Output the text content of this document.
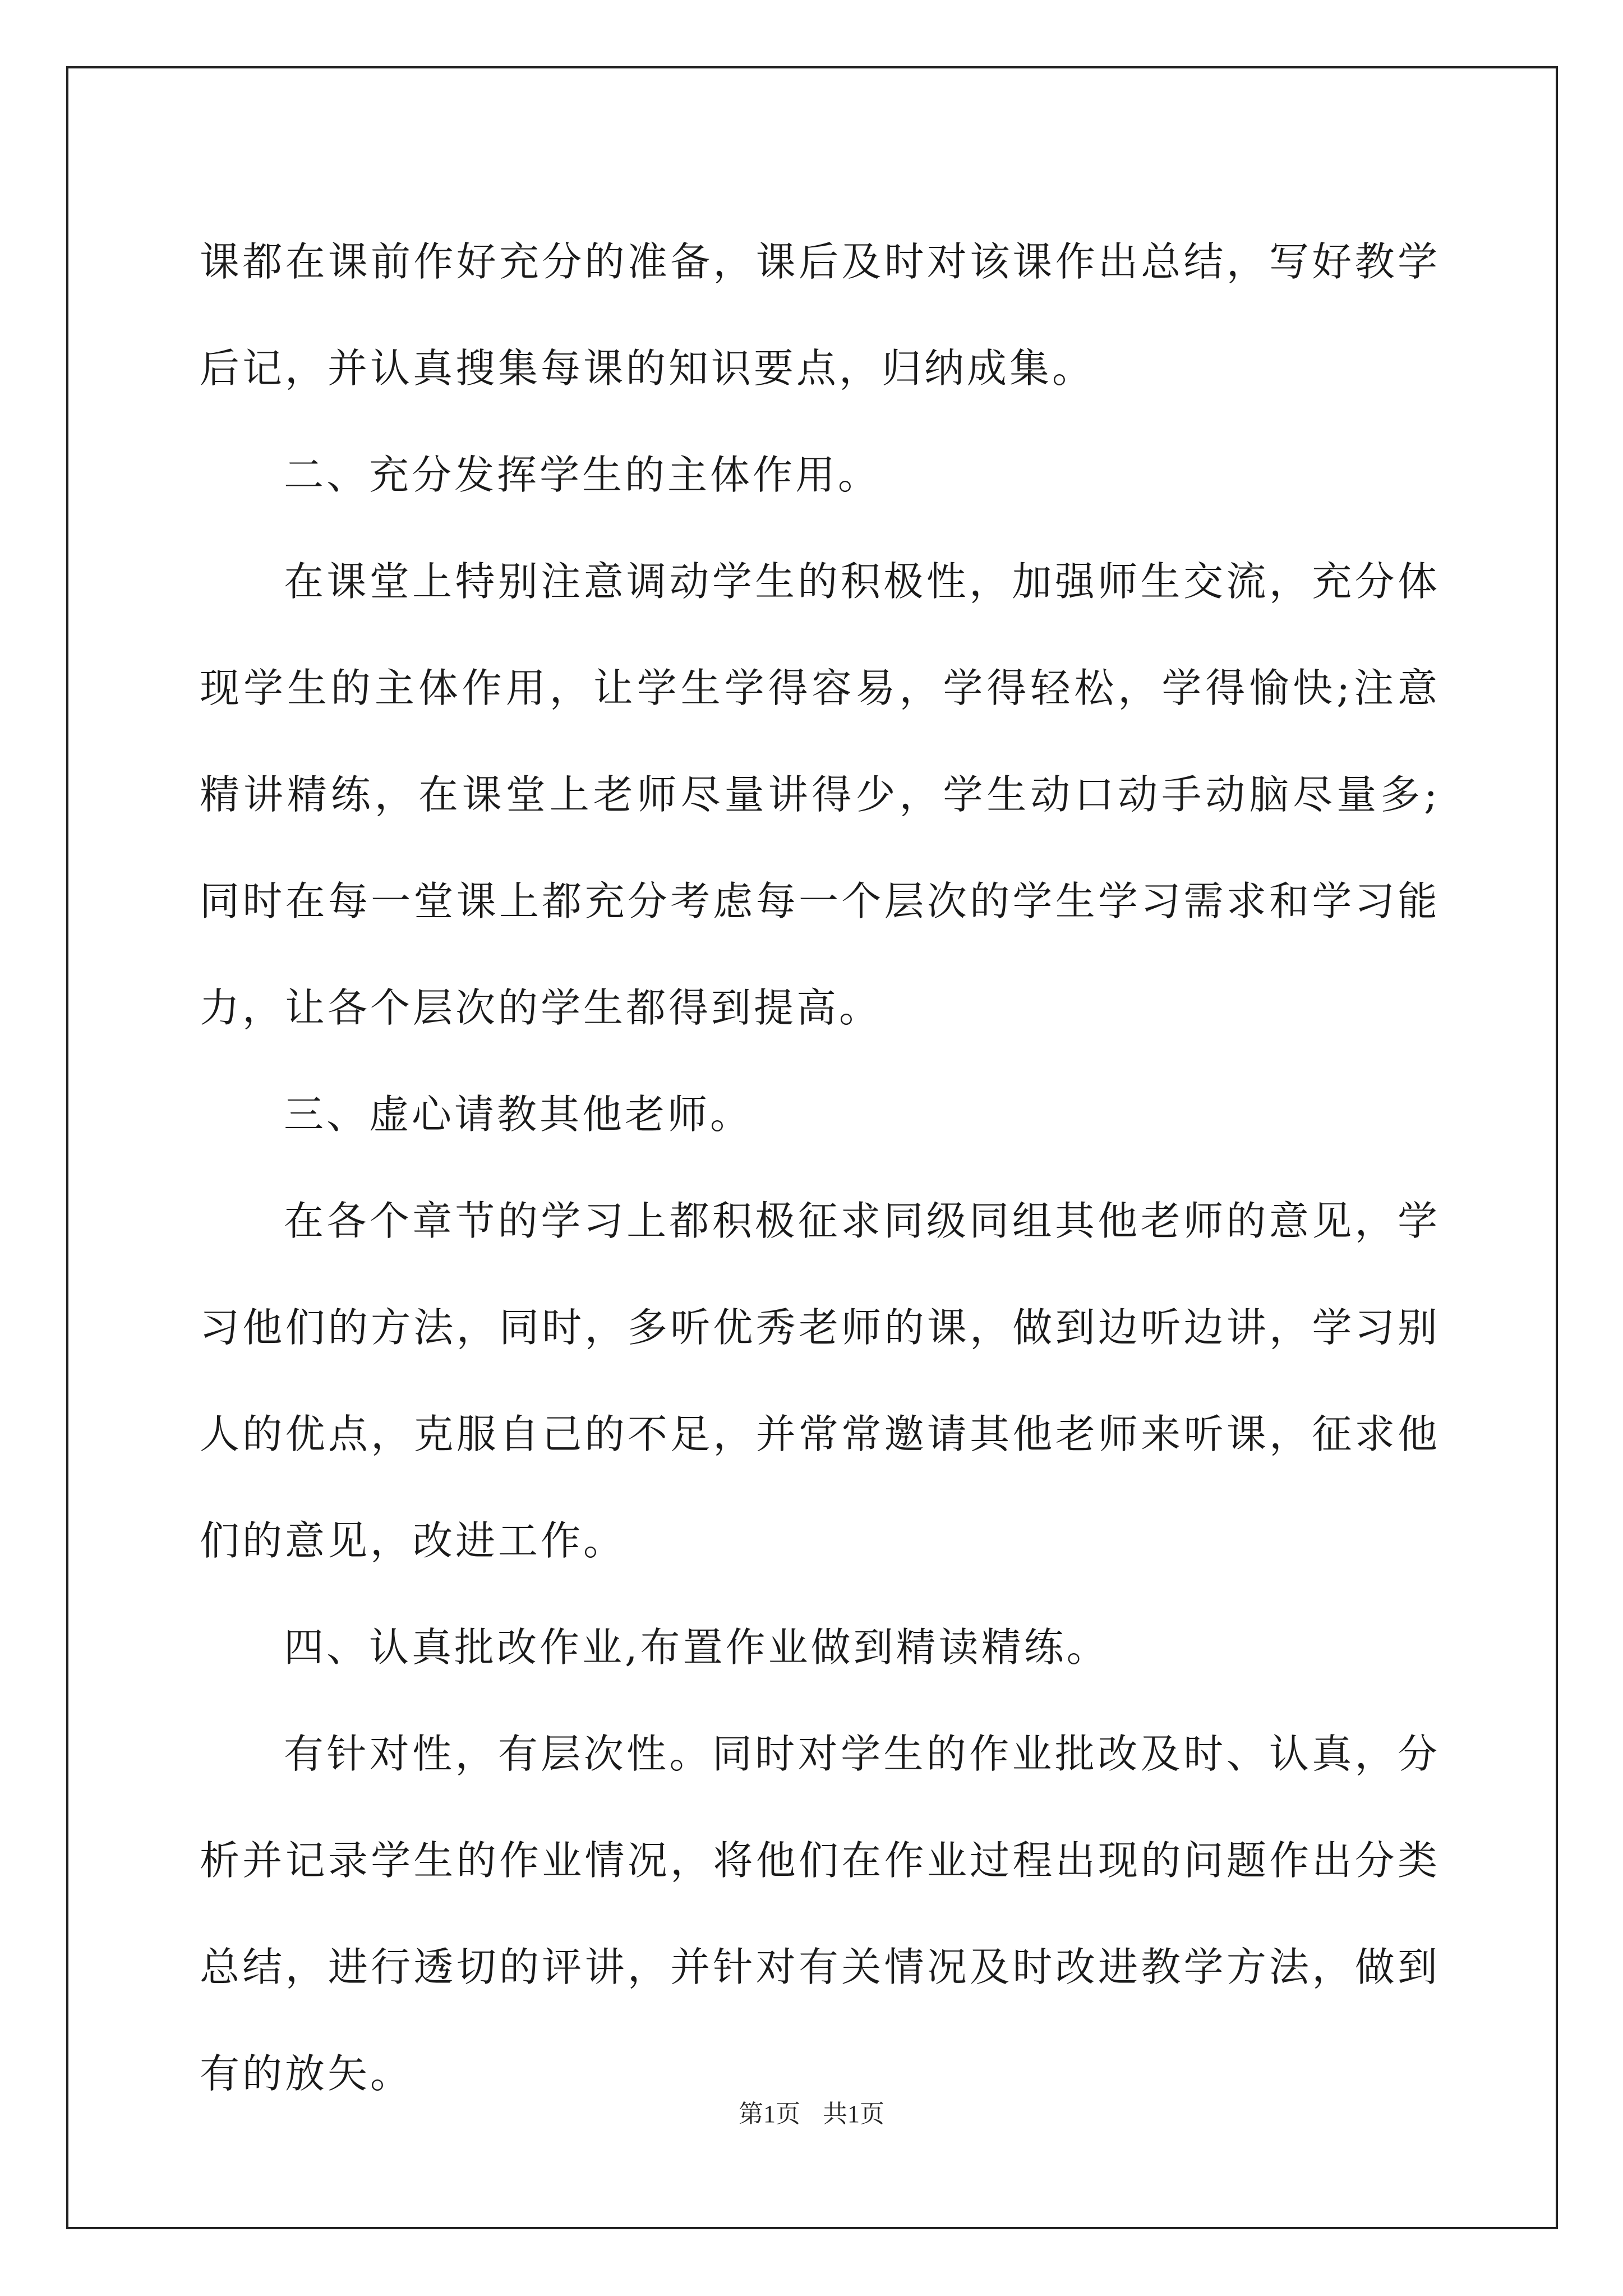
课都在课前作好充分的准备，课后及时对该课作出总结，写好教学后记，并认真搜集每课的知识要点，归纳成集。

二、充分发挥学生的主体作用。

在课堂上特别注意调动学生的积极性，加强师生交流，充分体现学生的主体作用，让学生学得容易，学得轻松，学得愉快;注意精讲精练，在课堂上老师尽量讲得少，学生动口动手动脑尽量多;同时在每一堂课上都充分考虑每一个层次的学生学习需求和学习能力，让各个层次的学生都得到提高。

三、虚心请教其他老师。

在各个章节的学习上都积极征求同级同组其他老师的意见，学习他们的方法，同时，多听优秀老师的课，做到边听边讲，学习别人的优点，克服自己的不足，并常常邀请其他老师来听课，征求他们的意见，改进工作。

四、认真批改作业,布置作业做到精读精练。

有针对性，有层次性。同时对学生的作业批改及时、认真，分析并记录学生的作业情况，将他们在作业过程出现的问题作出分类总结，进行透切的评讲，并针对有关情况及时改进教学方法，做到有的放矢。

第1页 共1页
